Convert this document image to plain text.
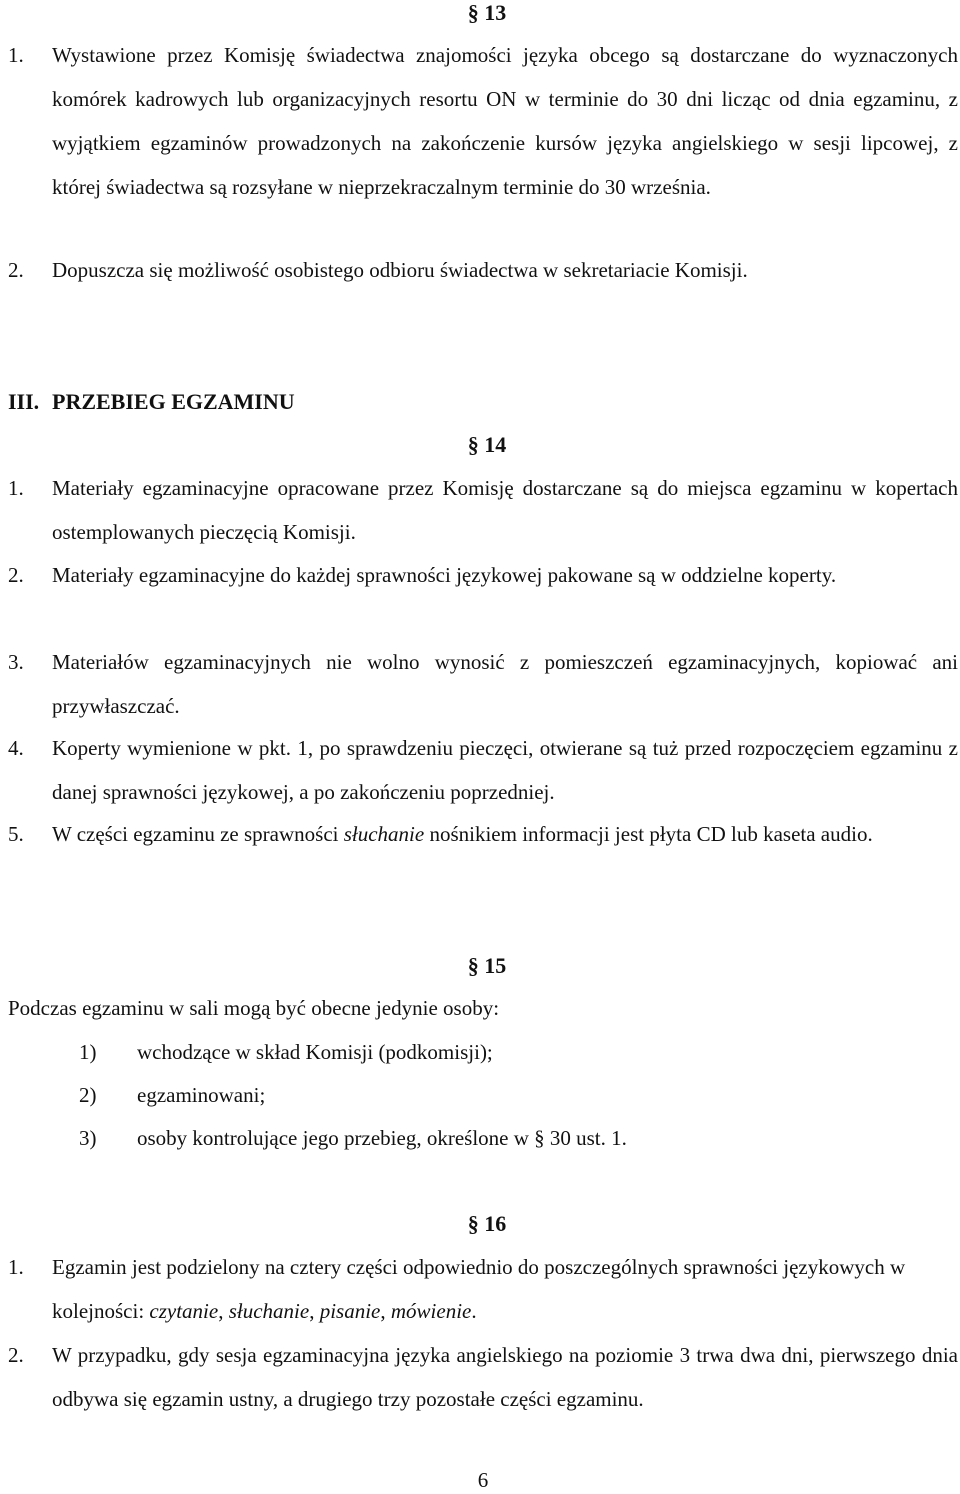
§ 13
1. Wystawione przez Komisję świadectwa znajomości języka obcego są dostarczane do wyznaczonych komórek kadrowych lub organizacyjnych resortu ON w terminie do 30 dni licząc od dnia egzaminu, z wyjątkiem egzaminów prowadzonych na zakończenie kursów języka angielskiego w sesji lipcowej, z której świadectwa są rozsyłane w nieprzekraczalnym terminie do 30 września.
2. Dopuszcza się możliwość osobistego odbioru świadectwa w sekretariacie Komisji.
III. PRZEBIEG EGZAMINU
§ 14
1. Materiały egzaminacyjne opracowane przez Komisję dostarczane są do miejsca egzaminu w kopertach ostemplowanych pieczęcią Komisji.
2. Materiały egzaminacyjne do każdej sprawności językowej pakowane są w oddzielne koperty.
3. Materiałów egzaminacyjnych nie wolno wynosić z pomieszczeń egzaminacyjnych, kopiować ani przywłaszczać.
4. Koperty wymienione w pkt. 1, po sprawdzeniu pieczęci, otwierane są tuż przed rozpoczęciem egzaminu z danej sprawności językowej, a po zakończeniu poprzedniej.
5. W części egzaminu ze sprawności słuchanie nośnikiem informacji jest płyta CD lub kaseta audio.
§ 15
Podczas egzaminu w sali mogą być obecne jedynie osoby:
1) wchodzące w skład Komisji (podkomisji);
2) egzaminowani;
3) osoby kontrolujące jego przebieg, określone w § 30 ust. 1.
§ 16
1. Egzamin jest podzielony na cztery części odpowiednio do poszczególnych sprawności językowych w kolejności: czytanie, słuchanie, pisanie, mówienie.
2. W przypadku, gdy sesja egzaminacyjna języka angielskiego na poziomie 3 trwa dwa dni, pierwszego dnia odbywa się egzamin ustny, a drugiego trzy pozostałe części egzaminu.
6
